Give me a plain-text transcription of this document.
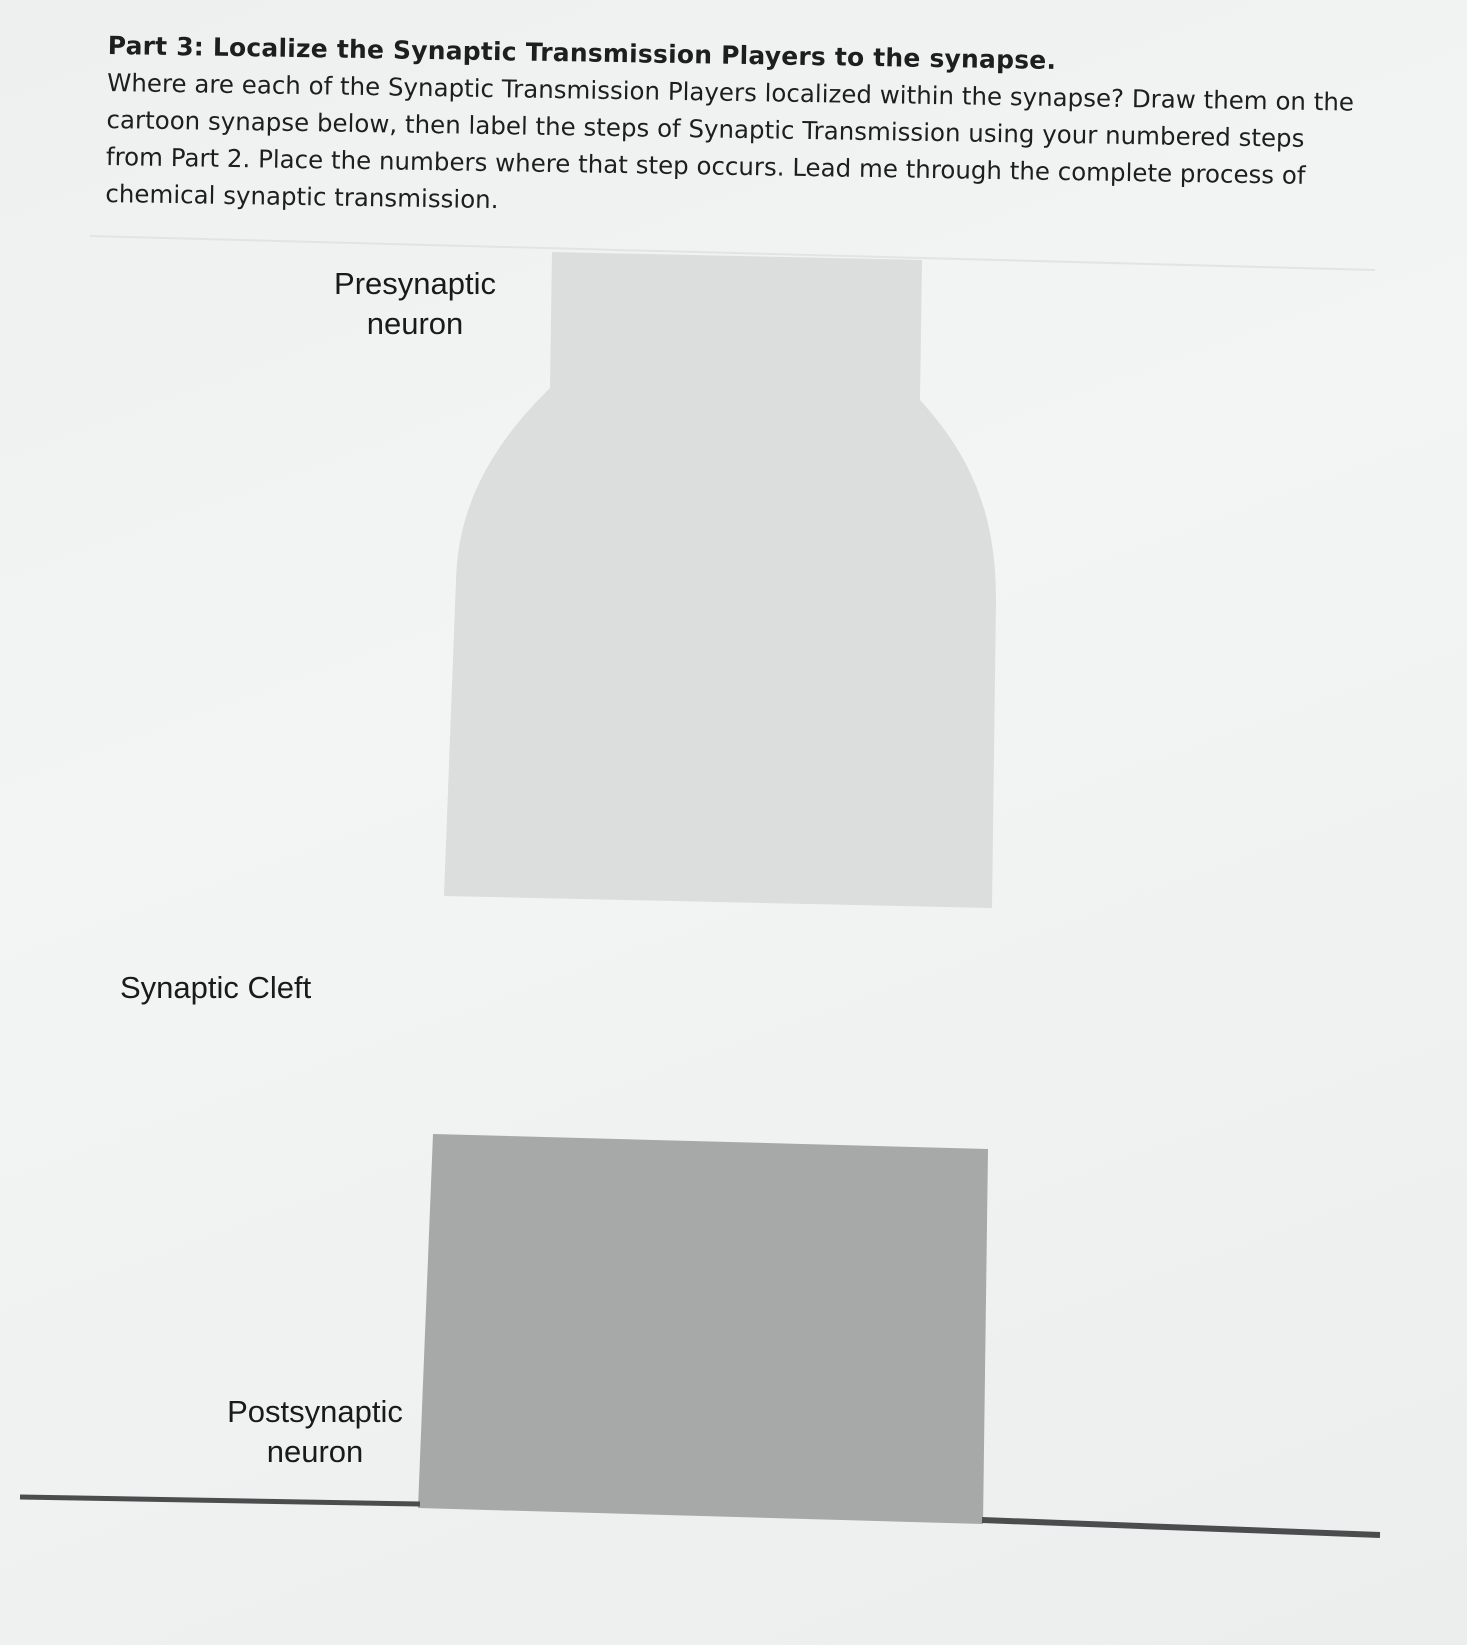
Part 3: Localize the Synaptic Transmission Players to the synapse.

Where are each of the Synaptic Transmission Players localized within the synapse? Draw them on the cartoon synapse below, then label the steps of Synaptic Transmission using your numbered steps from Part 2. Place the numbers where that step occurs. Lead me through the complete process of chemical synaptic transmission.

Presynaptic
neuron
Synaptic Cleft
Postsynaptic
neuron
